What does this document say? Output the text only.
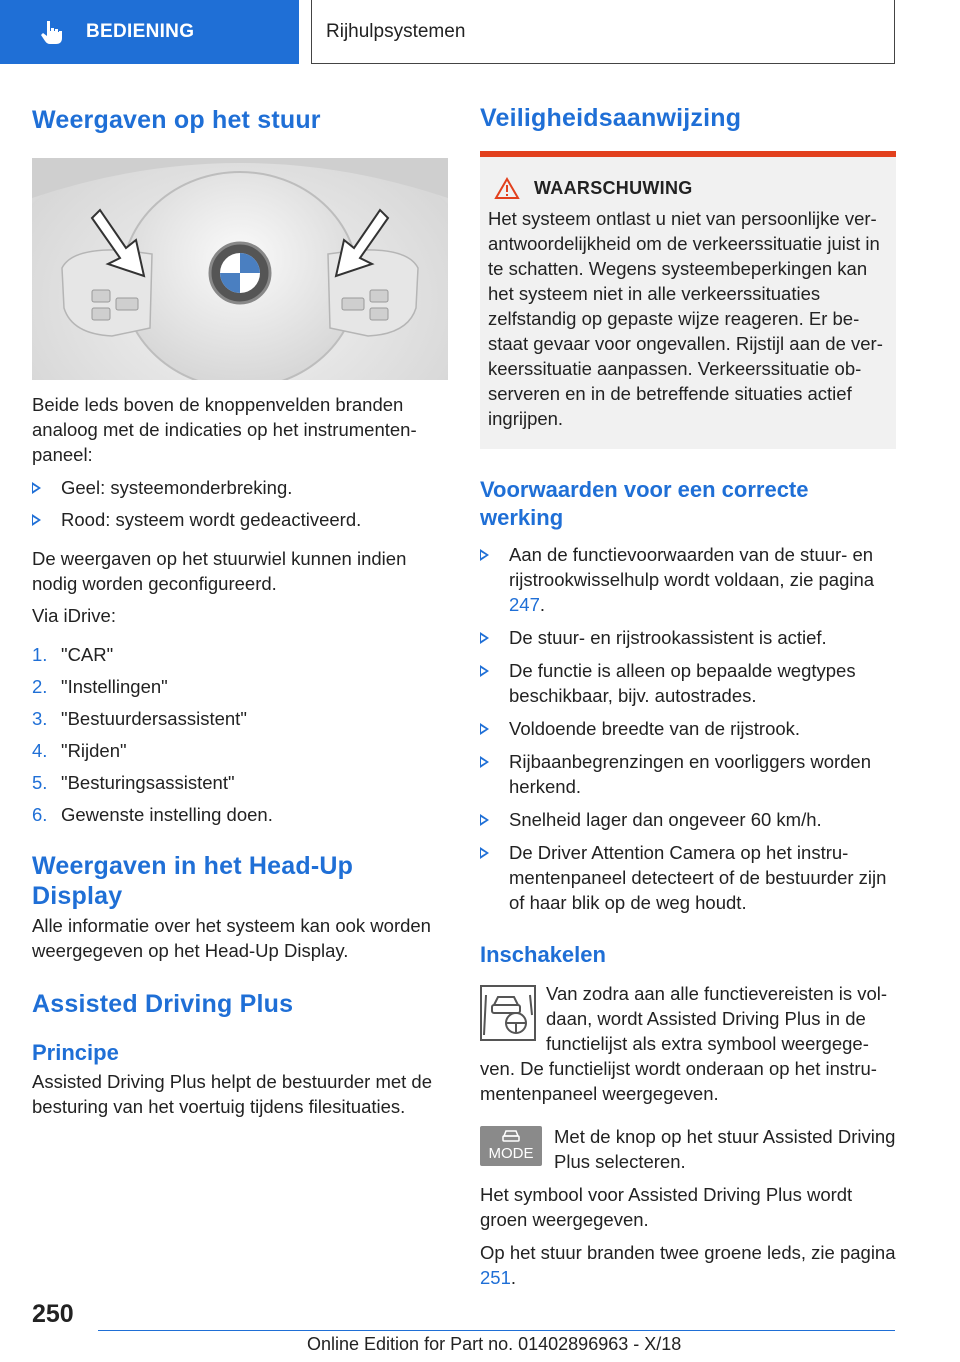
BEDIENING	Rijhulpsystemen
Weergaven op het stuur

Beide leds boven de knoppenvelden branden analoog met de indicaties op het instrumentenpaneel:

Geel: systeemonderbreking.
Rood: systeem wordt gedeactiveerd.

De weergaven op het stuurwiel kunnen indien nodig worden geconfigureerd.

Via iDrive:

1. "CAR"
2. "Instellingen"
3. "Bestuurdersassistent"
4. "Rijden"
5. "Besturingsassistent"
6. Gewenste instelling doen.
Weergaven in het Head-Up Display

Alle informatie over het systeem kan ook worden weergegeven op het Head-Up Display.

Assisted Driving Plus
Principe

Assisted Driving Plus helpt de bestuurder met de besturing van het voertuig tijdens filesituaties.

Veiligheidsaanwijzing
WAARSCHUWING

Het systeem ontlast u niet van persoonlijke verantwoordelijkheid om de verkeerssituatie juist in te schatten. Wegens systeembeperkingen kan het systeem niet in alle verkeerssituaties zelfstandig op gepaste wijze reageren. Er bestaat gevaar voor ongevallen. Rijstijl aan de verkeerssituatie aanpassen. Verkeerssituatie observeren en in de betreffende situaties actief ingrijpen.

Voorwaarden voor een correcte werking
Aan de functievoorwaarden van de stuur- en rijstrookwisselhulp wordt voldaan, zie pagina 247.
De stuur- en rijstrookassistent is actief.
De functie is alleen op bepaalde wegtypes beschikbaar, bijv. autostrades.
Voldoende breedte van de rijstrook.
Rijbaanbegrenzingen en voorliggers worden herkend.
Snelheid lager dan ongeveer 60 km/h.
De Driver Attention Camera op het instrumentenpaneel detecteert of de bestuurder zijn of haar blik op de weg houdt.
Inschakelen

Van zodra aan alle functievereisten is voldaan, wordt Assisted Driving Plus in de functielijst als extra symbool weergegeven. De functielijst wordt onderaan op het instrumentenpaneel weergegeven.

MODE

Met de knop op het stuur Assisted Driving Plus selecteren.

Het symbool voor Assisted Driving Plus wordt groen weergegeven.

Op het stuur branden twee groene leds, zie pagina 251.

250
Online Edition for Part no. 01402896963 - X/18
